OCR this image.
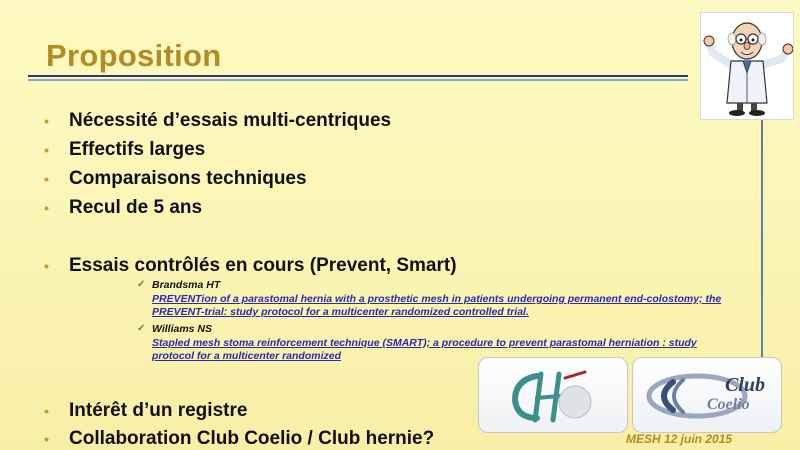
Proposition
• Nécessité d’essais multi-centriques
• Effectifs larges
• Comparaisons techniques
• Recul de 5 ans
• Essais contrôlés en cours (Prevent, Smart)
• Intérêt d’un registre
• Collaboration Club Coelio / Club hernie?
✓ Brandsma HT
PREVENTion of a parastomal hernia with a prosthetic mesh in patients undergoing permanent end-colostomy; the PREVENT-trial: study protocol for a multicenter randomized controlled trial.
✓ Williams NS
Stapled mesh stoma reinforcement technique (SMART); a procedure to prevent parastomal herniation : study protocol for a multicenter randomized
Club
Coelio
MESH 12 juin 2015
